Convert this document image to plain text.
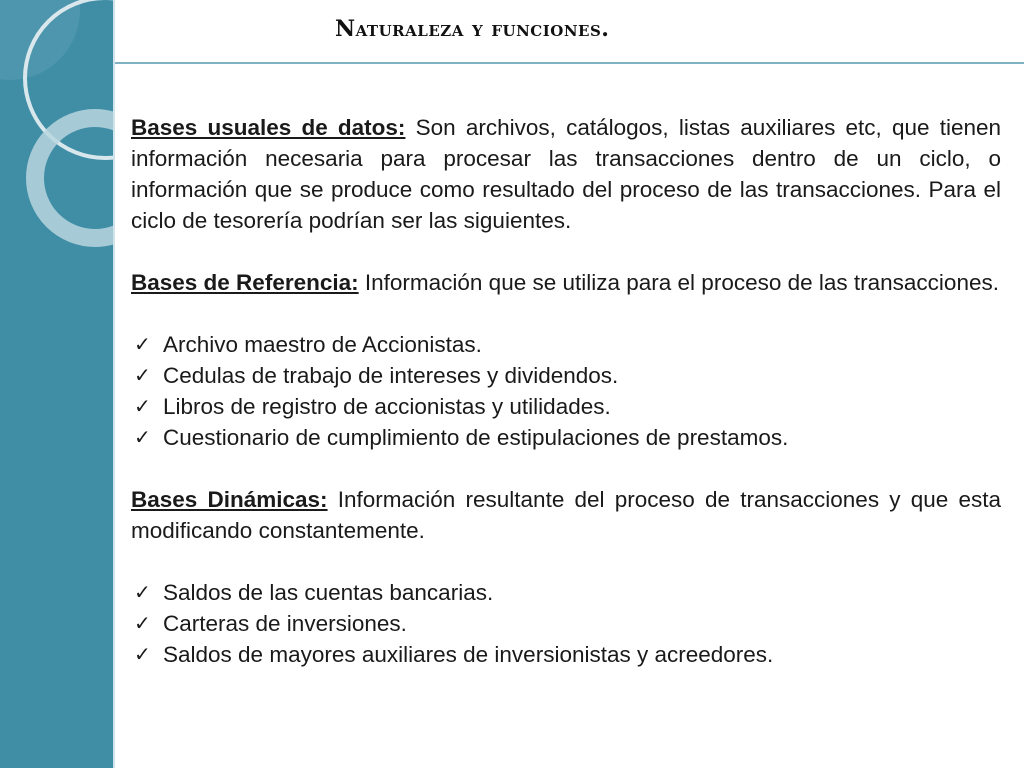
Naturaleza y funciones.

Bases usuales de datos: Son archivos, catálogos, listas auxiliares etc, que tienen información necesaria para procesar las transacciones dentro de un ciclo, o información que se produce como resultado del proceso de las transacciones. Para el ciclo de tesorería podrían ser las siguientes.

Bases de Referencia: Información que se utiliza para el proceso de las transacciones.

✓ Archivo maestro de Accionistas.
✓ Cedulas de trabajo de intereses y dividendos.
✓ Libros de registro de accionistas y utilidades.
✓ Cuestionario de cumplimiento de estipulaciones de prestamos.

Bases Dinámicas: Información resultante del proceso de transacciones y que esta modificando constantemente.

✓ Saldos de las cuentas bancarias.
✓ Carteras de inversiones.
✓ Saldos de mayores auxiliares de inversionistas y acreedores.
